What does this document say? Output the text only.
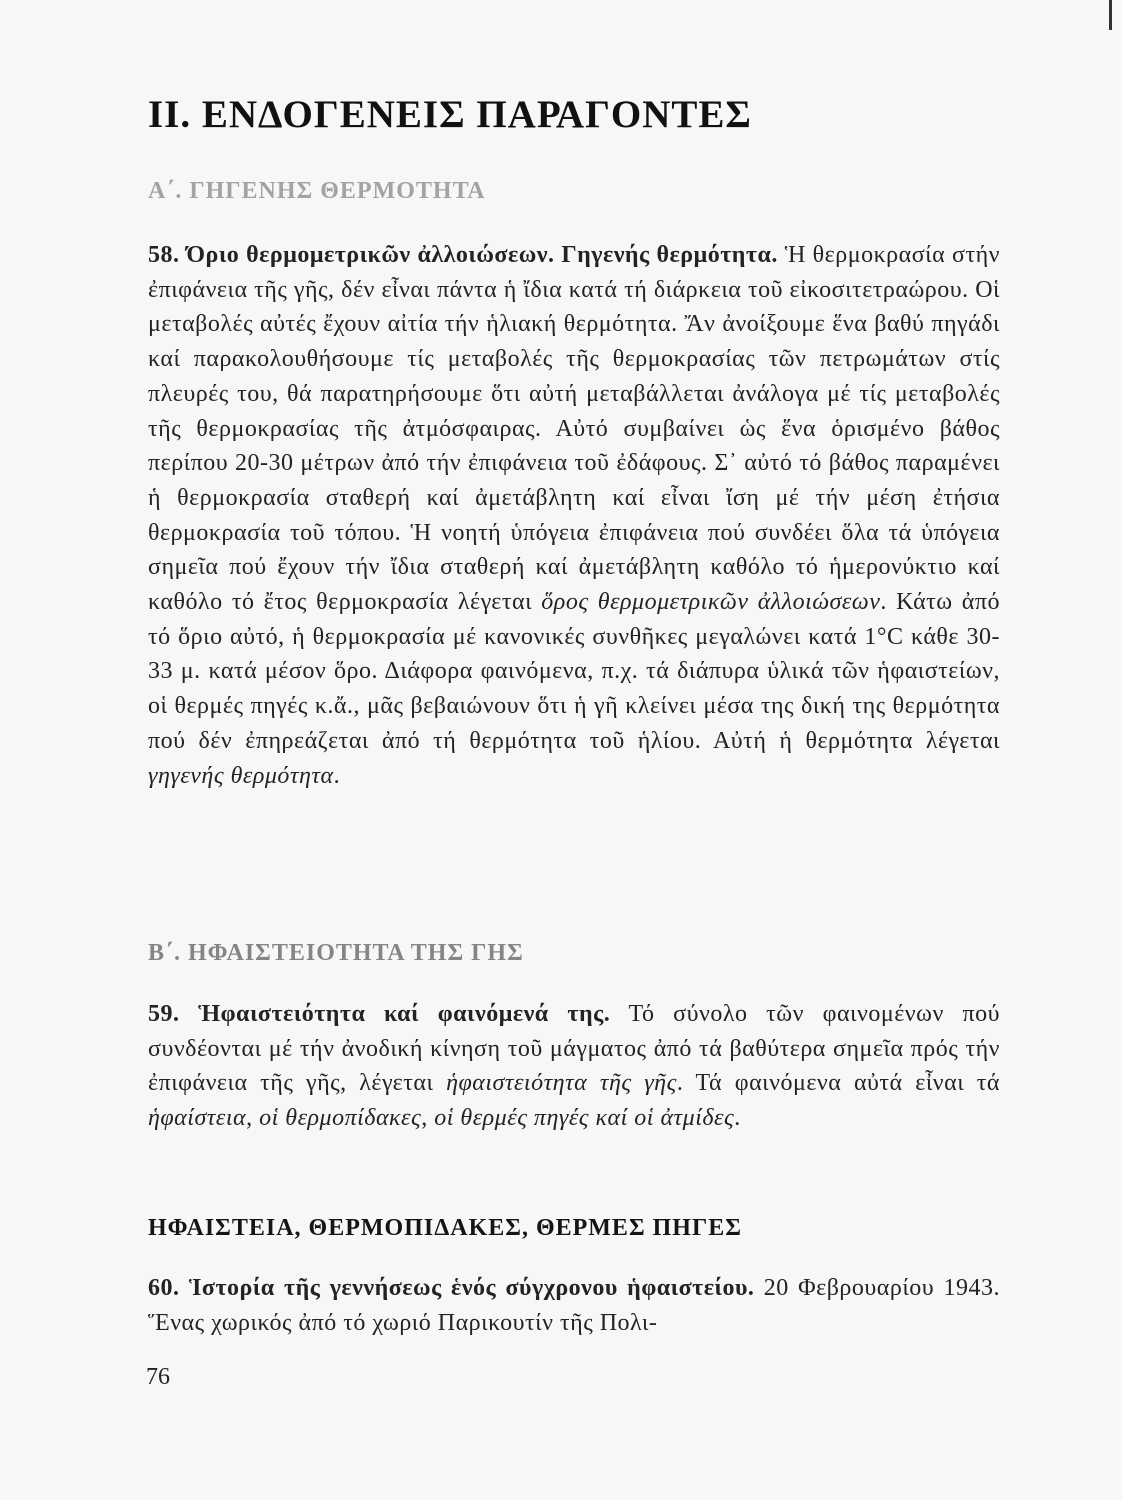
II. ΕΝΔΟΓΕΝΕΙΣ ΠΑΡΑΓΟΝΤΕΣ
Α΄. ΓΗΓΕΝΗΣ ΘΕΡΜΟΤΗΤΑ

58. Όριο θερμομετρικῶν ἀλλοιώσεων. Γηγενής θερμότητα. Ἡ θερμοκρασία στήν ἐπιφάνεια τῆς γῆς, δέν εἶναι πάντα ἡ ἴδια κατά τή διάρκεια τοῦ εἰκοσιτετραώρου. Οἱ μεταβολές αὐτές ἔχουν αἰτία τήν ἡλιακή θερμότητα. Ἄν ἀνοίξουμε ἕνα βαθύ πηγάδι καί παρακολουθήσουμε τίς μεταβολές τῆς θερμοκρασίας τῶν πετρωμάτων στίς πλευρές του, θά παρατηρήσουμε ὅτι αὐτή μεταβάλλεται ἀνάλογα μέ τίς μεταβολές τῆς θερμοκρασίας τῆς ἀτμόσφαιρας. Αὐτό συμβαίνει ὡς ἕνα ὁρισμένο βάθος περίπου 20-30 μέτρων ἀπό τήν ἐπιφάνεια τοῦ ἐδάφους. Σ᾽ αὐτό τό βάθος παραμένει ἡ θερμοκρασία σταθερή καί ἀμετάβλητη καί εἶναι ἴση μέ τήν μέση ἐτήσια θερμοκρασία τοῦ τόπου. Ἡ νοητή ὑπόγεια ἐπιφάνεια πού συνδέει ὅλα τά ὑπόγεια σημεῖα πού ἔχουν τήν ἴδια σταθερή καί ἀμετάβλητη καθόλο τό ἡμερονύκτιο καί καθόλο τό ἔτος θερμοκρασία λέγεται ὅρος θερμομετρικῶν ἀλλοιώσεων. Κάτω ἀπό τό ὅριο αὐτό, ἡ θερμοκρασία μέ κανονικές συνθῆκες μεγαλώνει κατά 1°C κάθε 30-33 μ. κατά μέσον ὅρο. Διάφορα φαινόμενα, π.χ. τά διάπυρα ὑλικά τῶν ἡφαιστείων, οἱ θερμές πηγές κ.ἄ., μᾶς βεβαιώνουν ὅτι ἡ γῆ κλείνει μέσα της δική της θερμότητα πού δέν ἐπηρεάζεται ἀπό τή θερμότητα τοῦ ἡλίου. Αὐτή ἡ θερμότητα λέγεται γηγενής θερμότητα.

Β΄. ΗΦΑΙΣΤΕΙΟΤΗΤΑ ΤΗΣ ΓΗΣ

59. Ἡφαιστειότητα καί φαινόμενά της. Τό σύνολο τῶν φαινομένων πού συνδέονται μέ τήν ἀνοδική κίνηση τοῦ μάγματος ἀπό τά βαθύτερα σημεῖα πρός τήν ἐπιφάνεια τῆς γῆς, λέγεται ἡφαιστειότητα τῆς γῆς. Τά φαινόμενα αὐτά εἶναι τά ἡφαίστεια, οἱ θερμοπίδακες, οἱ θερμές πηγές καί οἱ ἀτμίδες.

ΗΦΑΙΣΤΕΙΑ, ΘΕΡΜΟΠΙΔΑΚΕΣ, ΘΕΡΜΕΣ ΠΗΓΕΣ

60. Ἱστορία τῆς γεννήσεως ἑνός σύγχρονου ἡφαιστείου. 20 Φεβρουαρίου 1943. Ἕνας χωρικός ἀπό τό χωριό Παρικουτίν τῆς Πολι-

76
